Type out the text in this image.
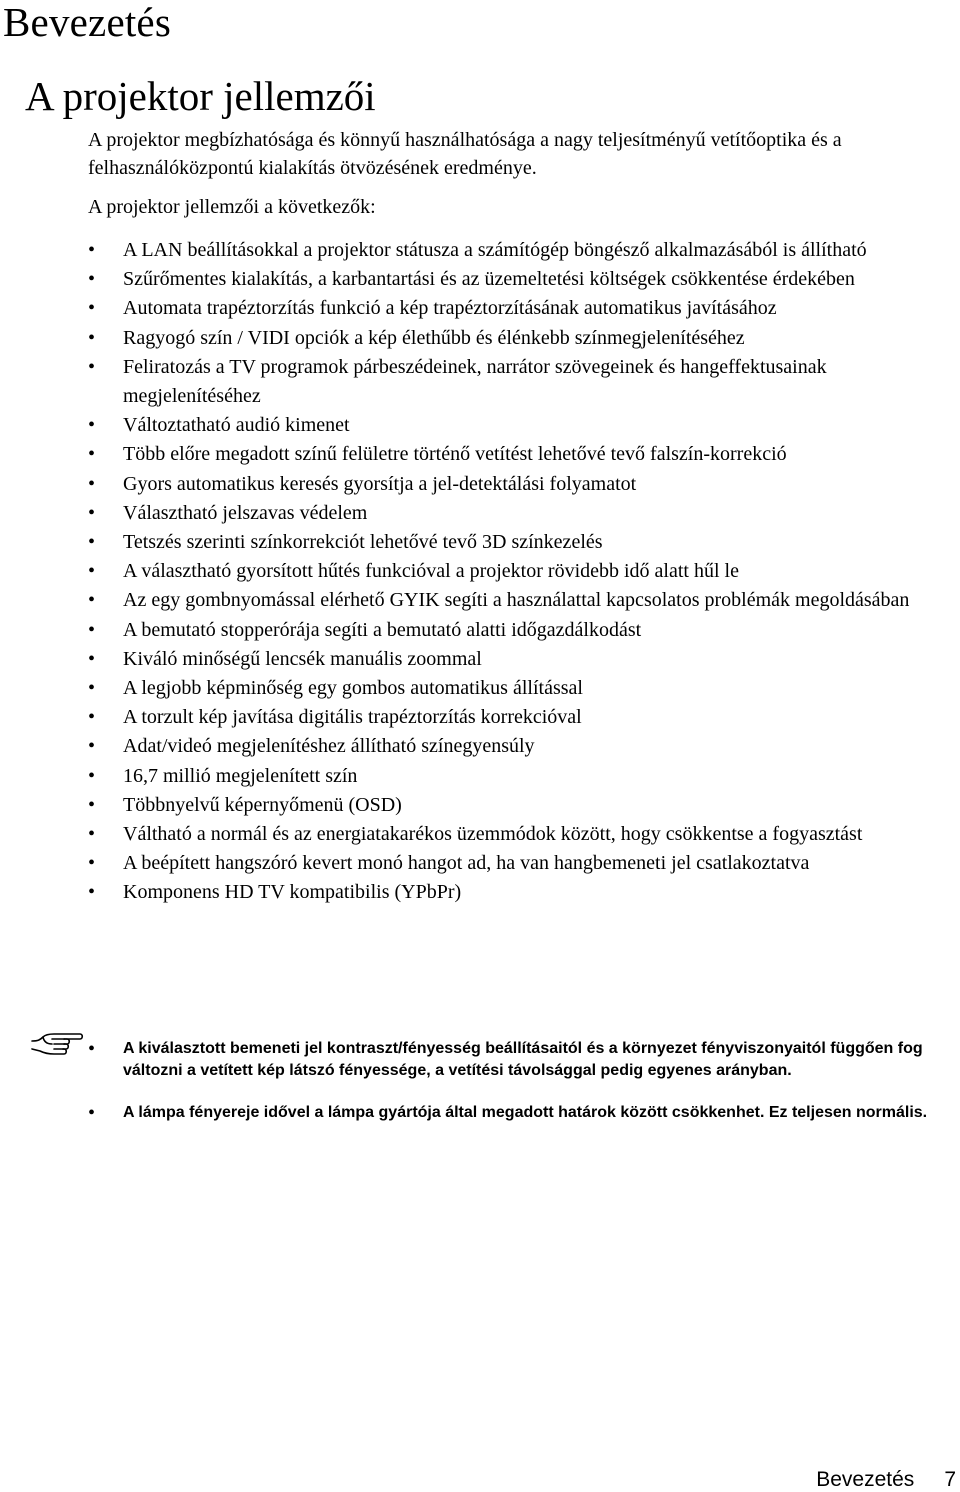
Bevezetés
A projektor jellemzői

A projektor megbízhatósága és könnyű használhatósága a nagy teljesítményű vetítőoptika és a felhasználóközpontú kialakítás ötvözésének eredménye.

A projektor jellemzői a következők:

• A LAN beállításokkal a projektor státusza a számítógép böngésző alkalmazásából is állítható
• Szűrőmentes kialakítás, a karbantartási és az üzemeltetési költségek csökkentése érdekében
• Automata trapéztorzítás funkció a kép trapéztorzításának automatikus javításához
• Ragyogó szín / VIDI opciók a kép élethűbb és élénkebb színmegjelenítéséhez
• Feliratozás a TV programok párbeszédeinek, narrátor szövegeinek és hangeffektusainak megjelenítéséhez
• Változtatható audió kimenet
• Több előre megadott színű felületre történő vetítést lehetővé tevő falszín-korrekció
• Gyors automatikus keresés gyorsítja a jel-detektálási folyamatot
• Választható jelszavas védelem
• Tetszés szerinti színkorrekciót lehetővé tevő 3D színkezelés
• A választható gyorsított hűtés funkcióval a projektor rövidebb idő alatt hűl le
• Az egy gombnyomással elérhető GYIK segíti a használattal kapcsolatos problémák megoldásában
• A bemutató stopperórája segíti a bemutató alatti időgazdálkodást
• Kiváló minőségű lencsék manuális zoommal
• A legjobb képminőség egy gombos automatikus állítással
• A torzult kép javítása digitális trapéztorzítás korrekcióval
• Adat/videó megjelenítéshez állítható színegyensúly
• 16,7 millió megjelenített szín
• Többnyelvű képernyőmenü (OSD)
• Váltható a normál és az energiatakarékos üzemmódok között, hogy csökkentse a fogyasztást
• A beépített hangszóró kevert monó hangot ad, ha van hangbemeneti jel csatlakoztatva
• Komponens HD TV kompatibilis (YPbPr)
• A kiválasztott bemeneti jel kontraszt/fényesség beállításaitól és a környezet fényviszonyaitól függően fog változni a vetített kép látszó fényessége, a vetítési távolsággal pedig egyenes arányban.
• A lámpa fényereje idővel a lámpa gyártója által megadott határok között csökkenhet. Ez teljesen normális.
Bevezetés 7
